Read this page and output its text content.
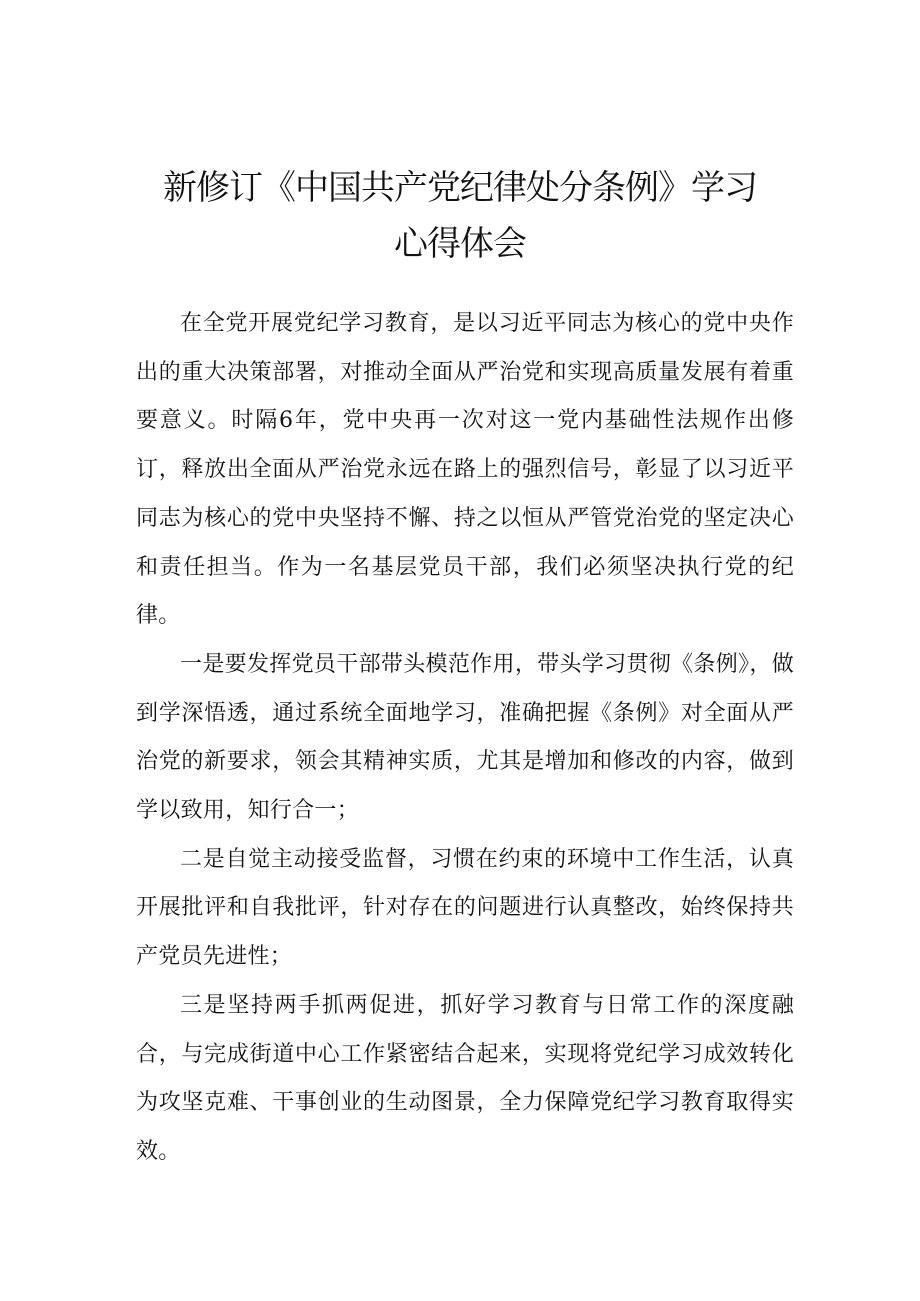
新修订《中国共产党纪律处分条例》学习
心得体会

在全党开展党纪学习教育，是以习近平同志为核心的党中央作出的重大决策部署，对推动全面从严治党和实现高质量发展有着重要意义。时隔6年，党中央再一次对这一党内基础性法规作出修订，释放出全面从严治党永远在路上的强烈信号，彰显了以习近平同志为核心的党中央坚持不懈、持之以恒从严管党治党的坚定决心和责任担当。作为一名基层党员干部，我们必须坚决执行党的纪律。

一是要发挥党员干部带头模范作用，带头学习贯彻《条例》，做到学深悟透，通过系统全面地学习，准确把握《条例》对全面从严治党的新要求，领会其精神实质，尤其是增加和修改的内容，做到学以致用，知行合一；

二是自觉主动接受监督，习惯在约束的环境中工作生活，认真开展批评和自我批评，针对存在的问题进行认真整改，始终保持共产党员先进性；

三是坚持两手抓两促进，抓好学习教育与日常工作的深度融合，与完成街道中心工作紧密结合起来，实现将党纪学习成效转化为攻坚克难、干事创业的生动图景，全力保障党纪学习教育取得实效。
